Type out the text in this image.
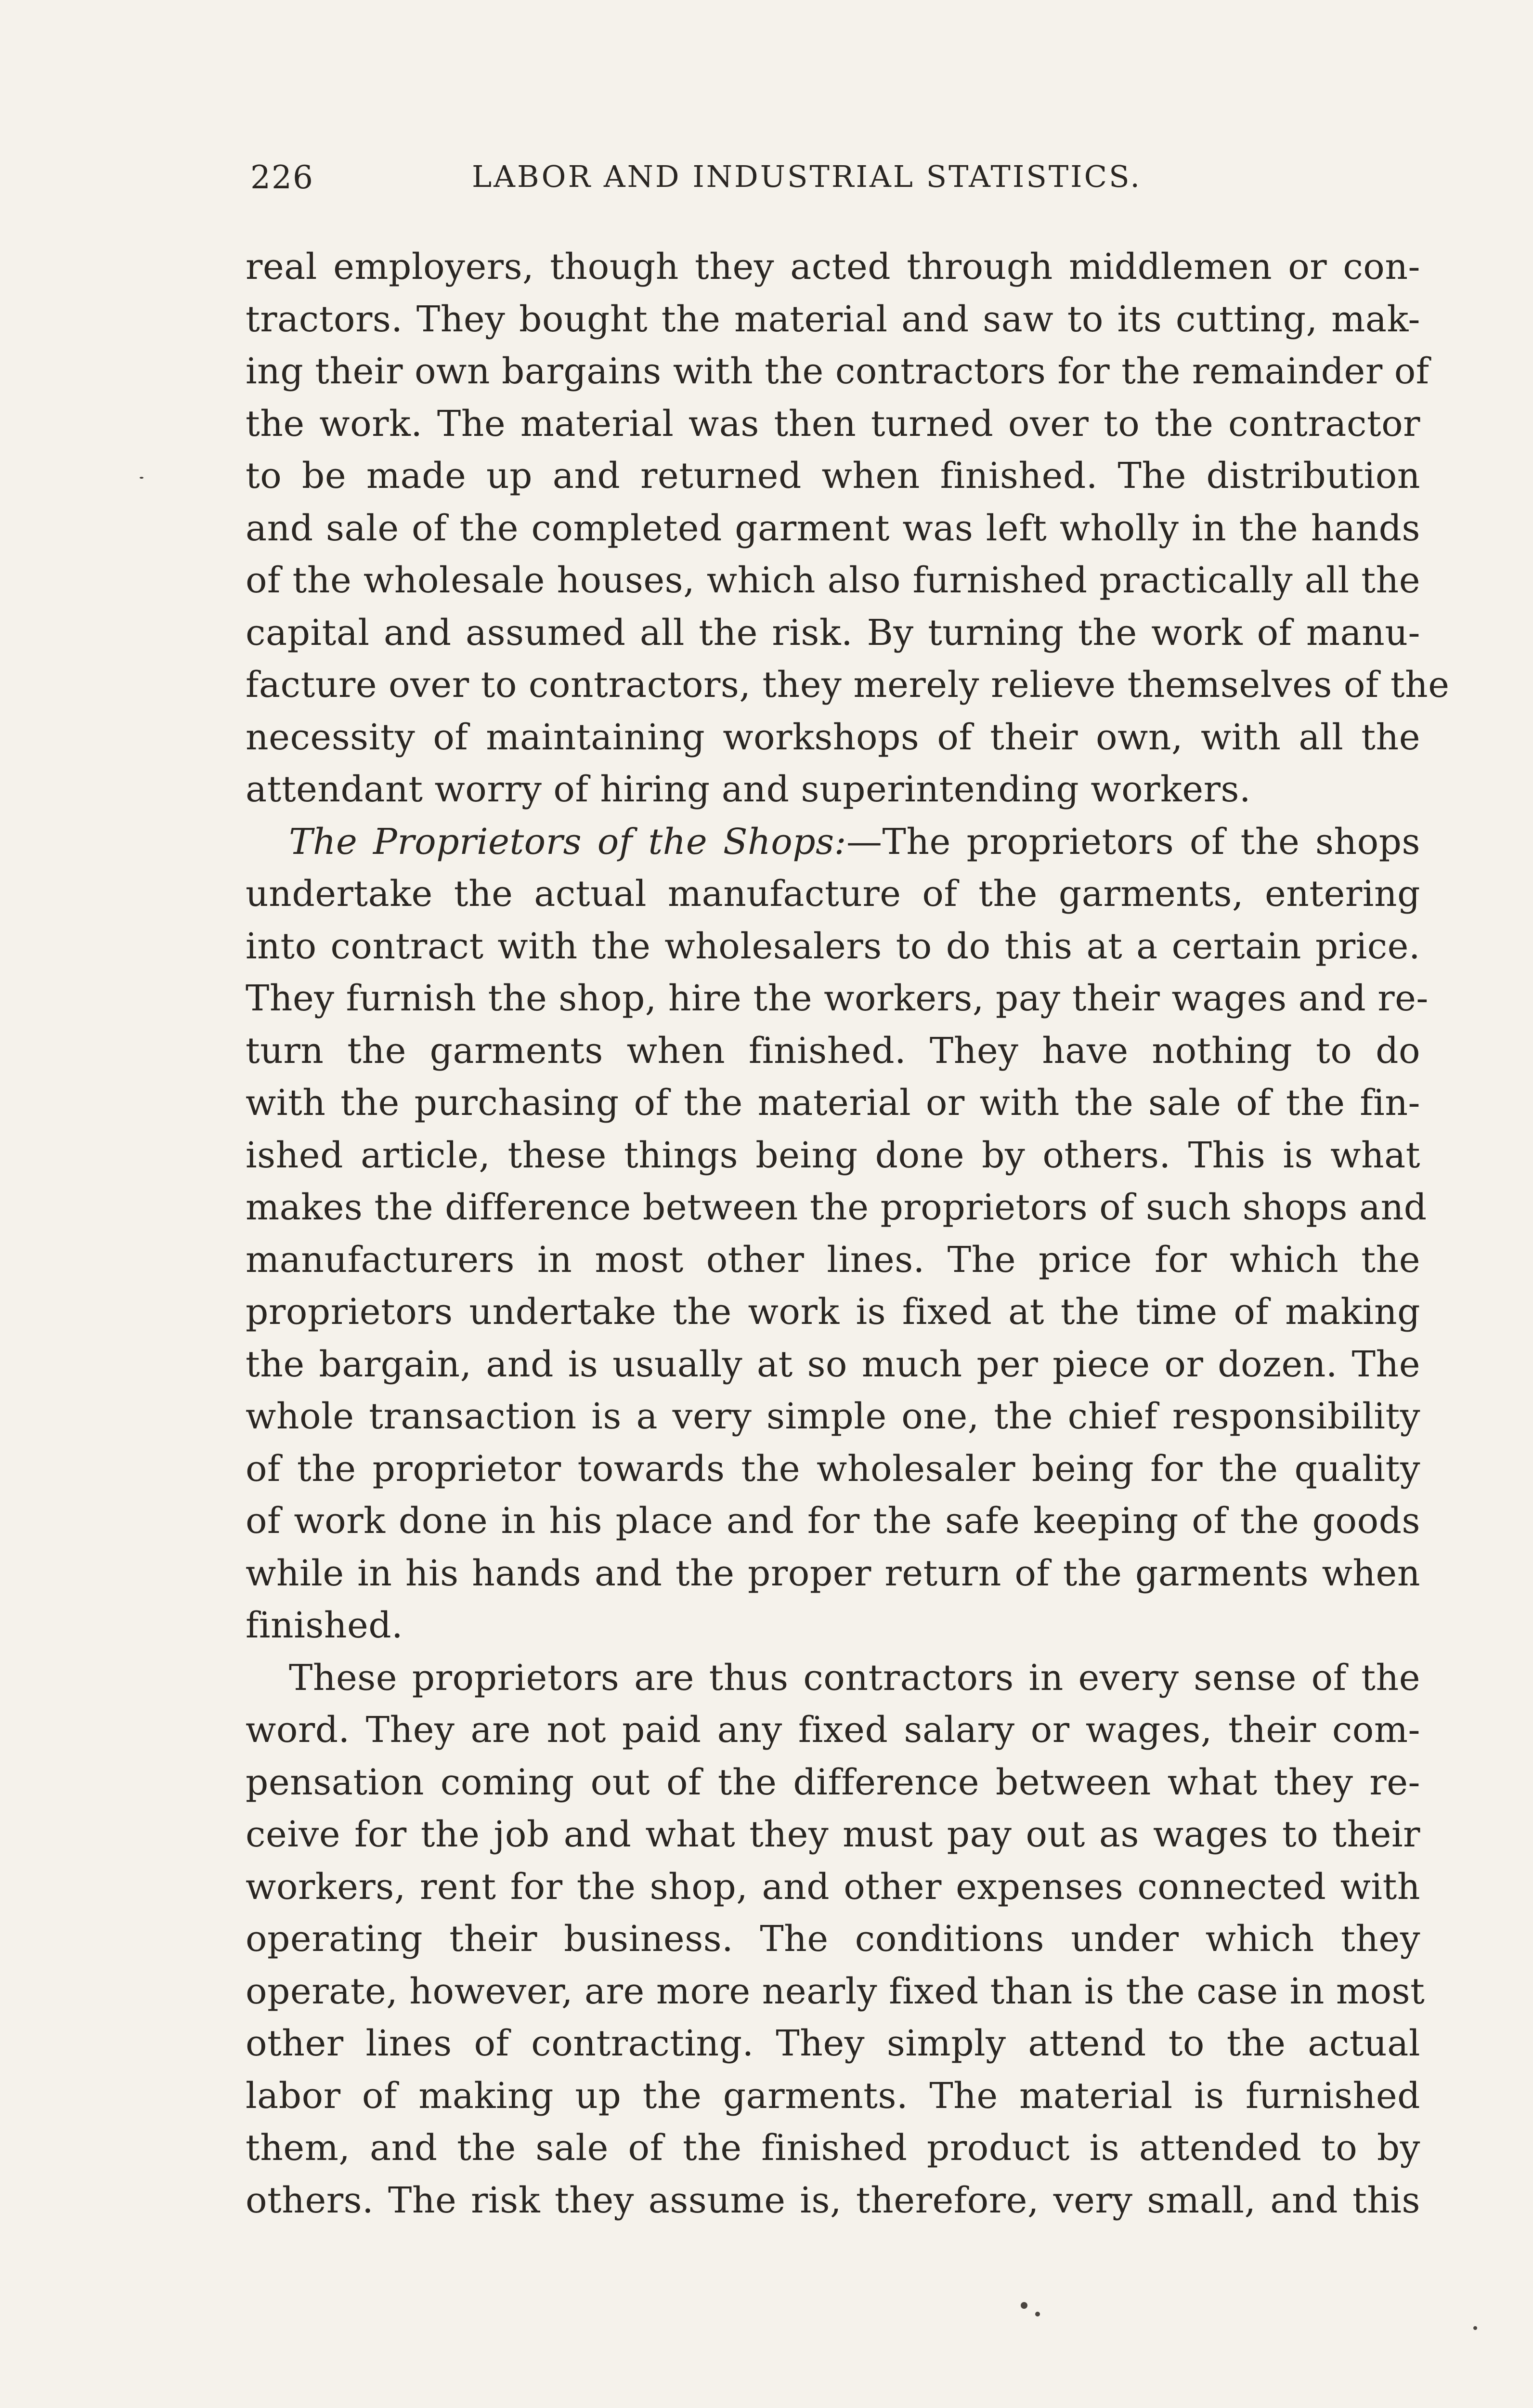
226	LABOR AND INDUSTRIAL STATISTICS.
real employers, though they acted through middlemen or con-
tractors. They bought the material and saw to its cutting, mak-
ing their own bargains with the contractors for the remainder of
the work. The material was then turned over to the contractor
to be made up and returned when finished. The distribution
and sale of the completed garment was left wholly in the hands
of the wholesale houses, which also furnished practically all the
capital and assumed all the risk. By turning the work of manu-
facture over to contractors, they merely relieve themselves of the
necessity of maintaining workshops of their own, with all the
attendant worry of hiring and superintending workers.
The Proprietors of the Shops:—The proprietors of the shops
undertake the actual manufacture of the garments, entering
into contract with the wholesalers to do this at a certain price.
They furnish the shop, hire the workers, pay their wages and re-
turn the garments when finished. They have nothing to do
with the purchasing of the material or with the sale of the fin-
ished article, these things being done by others. This is what
makes the difference between the proprietors of such shops and
manufacturers in most other lines. The price for which the
proprietors undertake the work is fixed at the time of making
the bargain, and is usually at so much per piece or dozen. The
whole transaction is a very simple one, the chief responsibility
of the proprietor towards the wholesaler being for the quality
of work done in his place and for the safe keeping of the goods
while in his hands and the proper return of the garments when
finished.
These proprietors are thus contractors in every sense of the
word. They are not paid any fixed salary or wages, their com-
pensation coming out of the difference between what they re-
ceive for the job and what they must pay out as wages to their
workers, rent for the shop, and other expenses connected with
operating their business. The conditions under which they
operate, however, are more nearly fixed than is the case in most
other lines of contracting. They simply attend to the actual
labor of making up the garments. The material is furnished
them, and the sale of the finished product is attended to by
others. The risk they assume is, therefore, very small, and this
